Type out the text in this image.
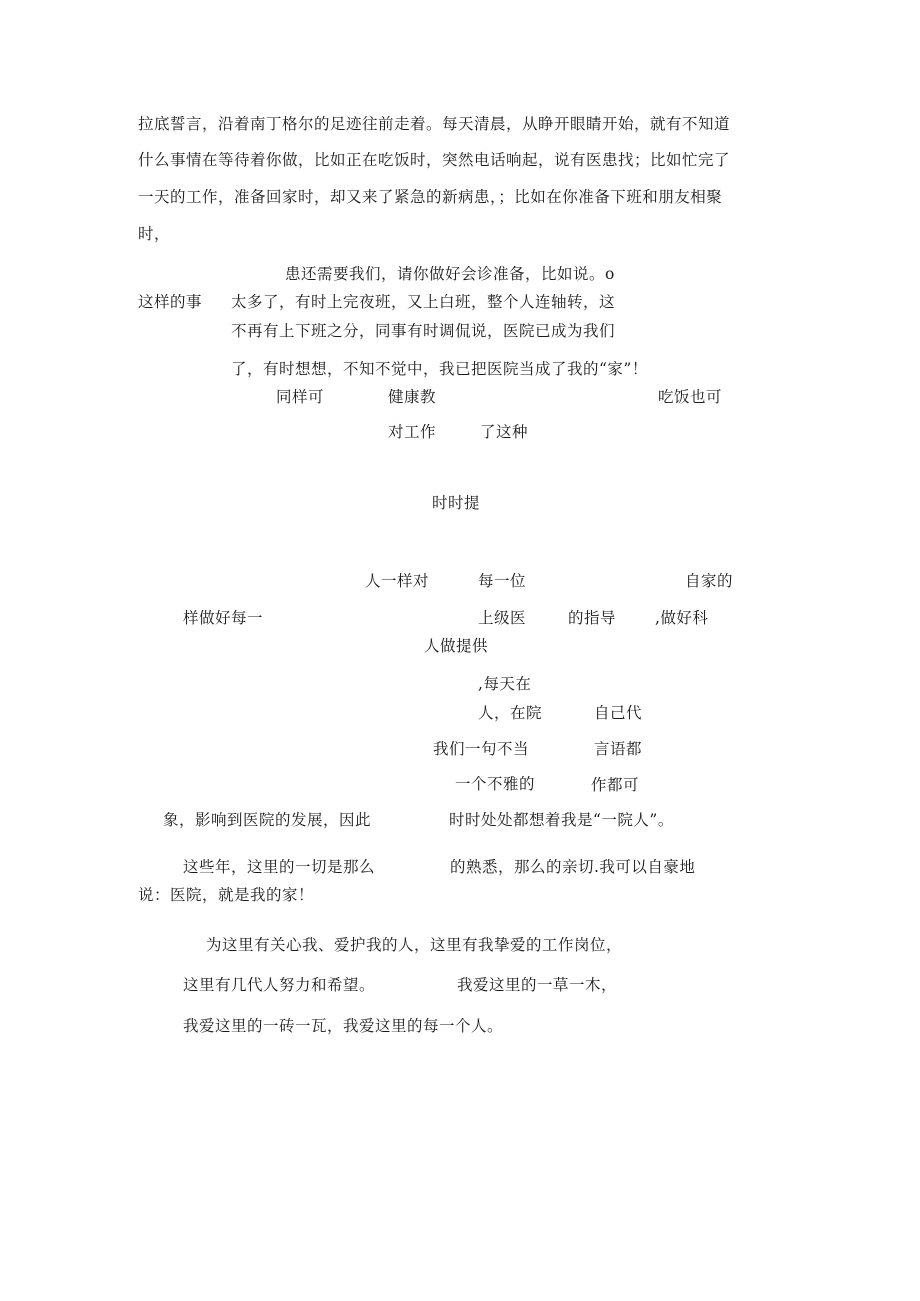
拉底誓言，沿着南丁格尔的足迹往前走着。每天清晨，从睁开眼睛开始，就有不知道
什么事情在等待着你做，比如正在吃饭时，突然电话响起，说有医患找；比如忙完了
一天的工作，准备回家时，却又来了紧急的新病患，；比如在你准备下班和朋友相聚
时，
患还需要我们，请你做好会诊准备，比如说。o
这样的事 太多了，有时上完夜班，又上白班，整个人连轴转，这
不再有上下班之分，同事有时调侃说，医院已成为我们
了，有时想想，不知不觉中，我已把医院当成了我的“家”！
同样可	健康教	吃饭也可
对工作	了这种
时时提
人一样对	每一位	自家的
样做好每一	上级医	的指导	,做好科
人做提供
,每天在
人，在院	自己代
我们一句不当	言语都
一个不雅的	作都可
象，影响到医院的发展，因此	时时处处都想着我是“一院人”。
这些年，这里的一切是那么	的熟悉，那么的亲切.我可以自豪地
说：医院，就是我的家！
为这里有关心我、爱护我的人，这里有我挚爱的工作岗位，
这里有几代人努力和希望。	我爱这里的一草一木，
我爱这里的一砖一瓦，我爱这里的每一个人。
